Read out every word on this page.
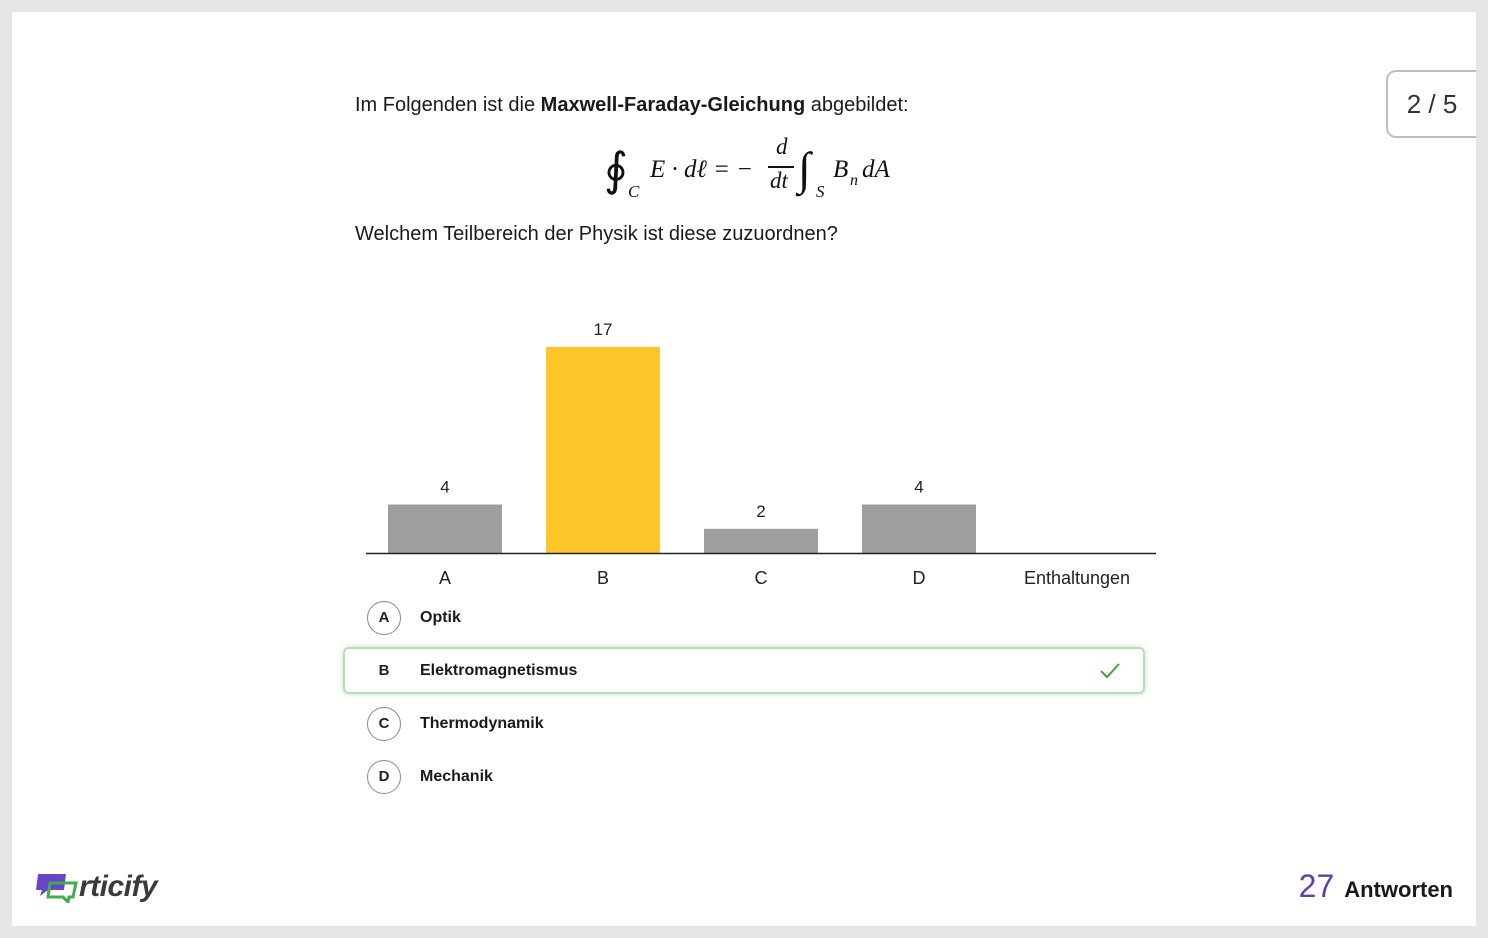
2 / 5
Im Folgenden ist die Maxwell-Faraday-Gleichung abgebildet:
∮ C
E · dℓ = −
d
dt ∫ S
B n dA
Welchem Teilbereich der Physik ist diese zuzuordnen?
4
A
17
B
2
C
4
D	Enthaltungen
A	Optik
B	Elektromagnetismus
C	Thermodynamik
D	Mechanik
rticify	27 Antworten
